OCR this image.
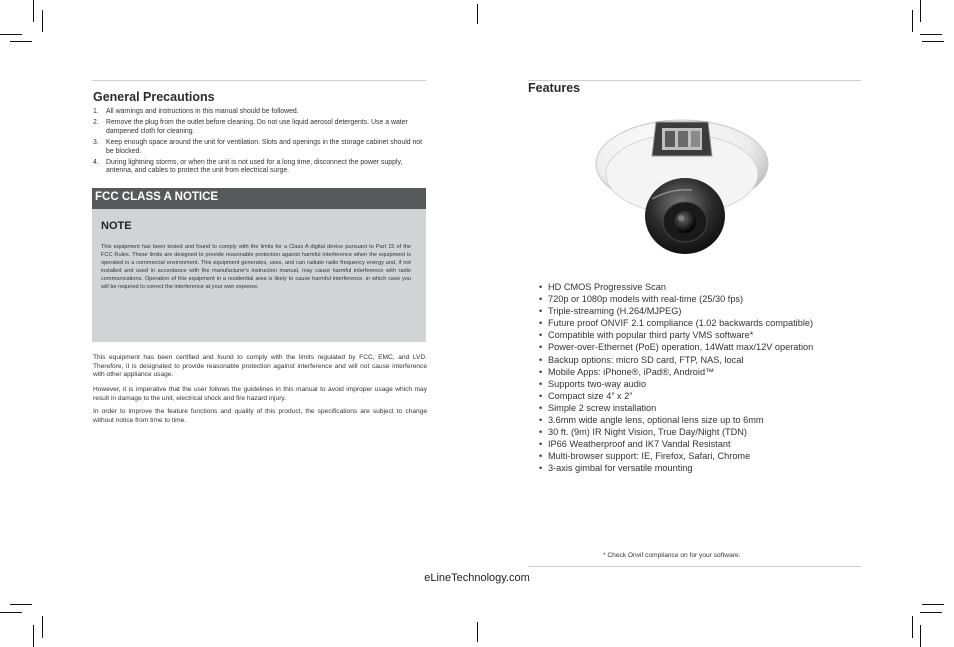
General Precautions
1. All warnings and instructions in this manual should be followed.
2. Remove the plug from the outlet before cleaning. Do not use liquid aerosol detergents. Use a water dampened cloth for cleaning.
3. Keep enough space around the unit for ventilation. Slots and openings in the storage cabinet should not be blocked.
4. During lightning storms, or when the unit is not used for a long time, disconnect the power supply, antenna, and cables to protect the unit from electrical surge.
FCC CLASS A NOTICE
NOTE
This equipment has been tested and found to comply with the limits for a Class A digital device pursuant to Part 15 of the FCC Rules. These limits are designed to provide reasonable protection against harmful interference when the equipment is operated in a commercial environment. This equipment generates, uses, and can radiate radio frequency energy and, if not installed and used in accordance with the manufacturer's instruction manual, may cause harmful interference with radio communications. Operation of this equipment in a residential area is likely to cause harmful interference, in which case you will be required to correct the interference at your own expense.
This equipment has been certified and found to comply with the limits regulated by FCC, EMC, and LVD. Therefore, it is designated to provide reasonable protection against interference and will not cause interference with other appliance usage.
However, it is imperative that the user follows the guidelines in this manual to avoid improper usage which may result in damage to the unit, electrical shock and fire hazard injury.
In order to improve the feature functions and quality of this product, the specifications are subject to change without notice from time to time.
Features
• HD CMOS Progressive Scan
• 720p or 1080p models with real-time (25/30 fps)
• Triple-streaming (H.264/MJPEG)
• Future proof ONVIF 2.1 compliance (1.02 backwards compatible)
• Compatible with popular third party VMS software*
• Power-over-Ethernet (PoE) operation, 14Watt max/12V operation
• Backup options: micro SD card, FTP, NAS, local
• Mobile Apps: iPhone®, iPad®, Android™
• Supports two-way audio
• Compact size 4” x 2”
• Simple 2 screw installation
• 3.6mm wide angle lens, optional lens size up to 6mm
• 30 ft. (9m) IR Night Vision, True Day/Night (TDN)
• IP66 Weatherproof and IK7 Vandal Resistant
• Multi-browser support: IE, Firefox, Safari, Chrome
• 3-axis gimbal for versatile mounting
* Check Onvif compliance on for your software.
eLineTechnology.com
